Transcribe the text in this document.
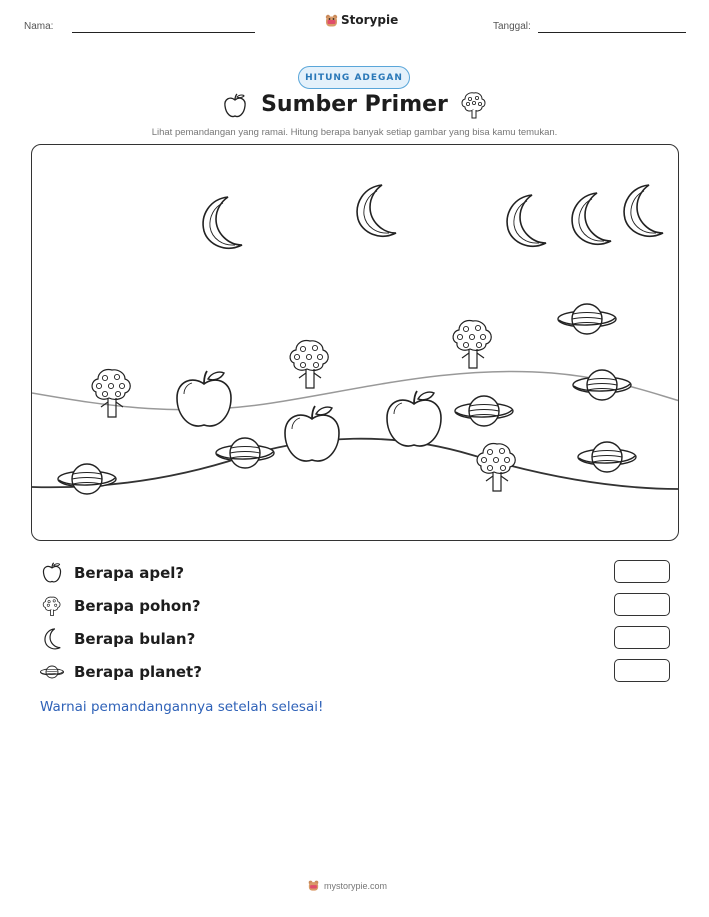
Nama:	Storypie	Tanggal:
HITUNG ADEGAN
Sumber Primer
Lihat pemandangan yang ramai. Hitung berapa banyak setiap gambar yang bisa kamu temukan.
Berapa apel?
Berapa pohon?
Berapa bulan?
Berapa planet?
Warnai pemandangannya setelah selesai!
mystorypie.com
